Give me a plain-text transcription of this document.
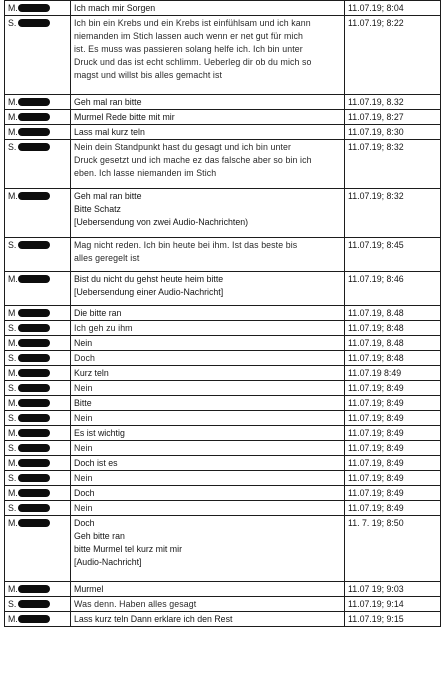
M.	Ich mach mir Sorgen	11.07.19; 8:04
S.	Ich bin ein Krebs und ein Krebs ist einfühlsam und ich kann
niemanden im Stich lassen auch wenn er net gut für mich
ist. Es muss was passieren solang helfe ich. Ich bin unter
Druck und das ist echt schlimm. Ueberleg dir ob du mich so
magst und willst bis alles gemacht ist	11.07.19; 8:22
M.	Geh mal ran bitte	11.07.19, 8.32
M.	Murmel Rede bitte mit mir	11.07.19, 8:27
M.	Lass mal kurz teln	11.07.19, 8:30
S.	Nein dein Standpunkt hast du gesagt und ich bin unter
Druck gesetzt und ich mache ez das falsche aber so bin ich
eben. Ich lasse niemanden im Stich	11.07.19; 8:32
M.	Geh mal ran bitte
Bitte Schatz
[Uebersendung von zwei Audio-Nachrichten)	11.07.19; 8:32
S.	Mag nicht reden. Ich bin heute bei ihm. Ist das beste bis
alles geregelt ist	11.07.19; 8:45
M.	Bist du nicht du gehst heute heim bitte
[Uebersendung einer Audio-Nachricht]	11.07.19; 8:46
M	Die bitte ran	11.07.19, 8.48
S.	Ich geh zu ihm	11.07.19; 8:48
M.	Nein	11.07.19, 8.48
S.	Doch	11.07.19; 8:48
M.	Kurz teln	11.07.19 8:49
S.	Nein	11.07.19; 8:49
M.	Bitte	11.07.19; 8:49
S.	Nein	11.07.19; 8:49
M.	Es ist wichtig	11.07.19; 8:49
S.	Nein	11.07.19; 8:49
M.	Doch ist es	11.07.19, 8:49
S.	Nein	11.07.19; 8:49
M.	Doch	11.07.19; 8:49
S.	Nein	11.07.19; 8:49
M.	Doch
Geh bitte ran
bitte Murmel tel kurz mit mir
[Audio-Nachricht]	11. 7. 19; 8:50
M.	Murmel	11.07 19; 9:03
S.	Was denn. Haben alles gesagt	11.07.19; 9:14
M.	Lass kurz teln Dann erklare ich den Rest	11.07.19; 9:15
